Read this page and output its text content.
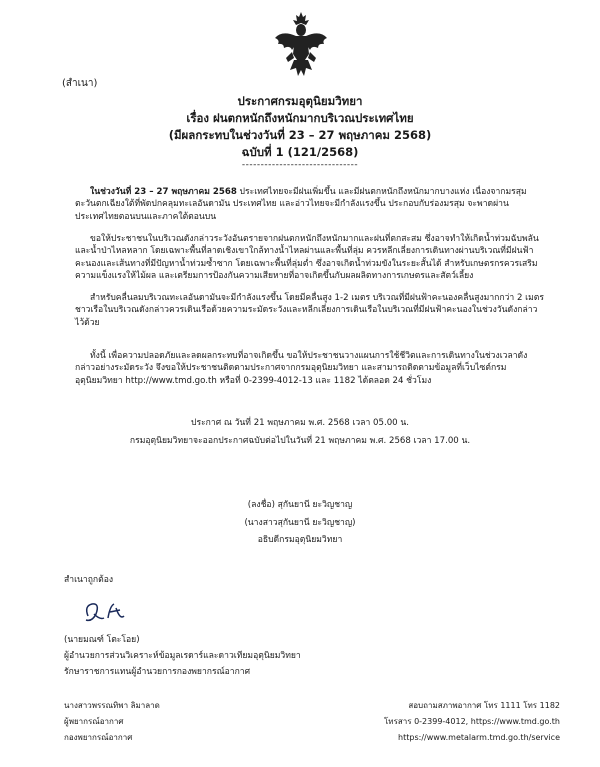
(สำเนา)
ประกาศกรมอุตุนิยมวิทยา
เรื่อง ฝนตกหนักถึงหนักมากบริเวณประเทศไทย
(มีผลกระทบในช่วงวันที่ 23 – 27 พฤษภาคม 2568)
ฉบับที่ 1 (121/2568)
-------------------------------
ในช่วงวันที่ 23 – 27 พฤษภาคม 2568 ประเทศไทยจะมีฝนเพิ่มขึ้น และมีฝนตกหนักถึงหนักมากบางแห่ง เนื่องจากมรสุมตะวันตกเฉียงใต้ที่พัดปกคลุมทะเลอันดามัน ประเทศไทย และอ่าวไทยจะมีกำลังแรงขึ้น ประกอบกับร่องมรสุม จะพาดผ่านประเทศไทยตอนบนและภาคใต้ตอนบน
ขอให้ประชาชนในบริเวณดังกล่าวระวังอันตรายจากฝนตกหนักถึงหนักมากและฝนที่ตกสะสม ซึ่งอาจทำให้เกิดน้ำท่วมฉับพลันและน้ำป่าไหลหลาก โดยเฉพาะพื้นที่ลาดเชิงเขาใกล้ทางน้ำไหลผ่านและพื้นที่ลุ่ม ควรหลีกเลี่ยงการเดินทางผ่านบริเวณที่มีฝนฟ้าคะนองและเส้นทางที่มีปัญหาน้ำท่วมซ้ำซาก โดยเฉพาะพื้นที่ลุ่มต่ำ ซึ่งอาจเกิดน้ำท่วมขังในระยะสั้นได้ สำหรับเกษตรกรควรเสริมความแข็งแรงให้ไม้ผล และเตรียมการป้องกันความเสียหายที่อาจเกิดขึ้นกับผลผลิตทางการเกษตรและสัตว์เลี้ยง
สำหรับคลื่นลมบริเวณทะเลอันดามันจะมีกำลังแรงขึ้น โดยมีคลื่นสูง 1-2 เมตร บริเวณที่มีฝนฟ้าคะนองคลื่นสูงมากกว่า 2 เมตร ชาวเรือในบริเวณดังกล่าวควรเดินเรือด้วยความระมัดระวังและหลีกเลี่ยงการเดินเรือในบริเวณที่มีฝนฟ้าคะนองในช่วงวันดังกล่าวไว้ด้วย
ทั้งนี้ เพื่อความปลอดภัยและลดผลกระทบที่อาจเกิดขึ้น ขอให้ประชาชนวางแผนการใช้ชีวิตและการเดินทางในช่วงเวลาดังกล่าวอย่างระมัดระวัง จึงขอให้ประชาชนติดตามประกาศจากกรมอุตุนิยมวิทยา และสามารถติดตามข้อมูลที่เว็บไซต์กรมอุตุนิยมวิทยา http://www.tmd.go.th หรือที่ 0-2399-4012-13 และ 1182 ได้ตลอด 24 ชั่วโมง
ประกาศ ณ วันที่ 21 พฤษภาคม พ.ศ. 2568 เวลา 05.00 น.
กรมอุตุนิยมวิทยาจะออกประกาศฉบับต่อไปในวันที่ 21 พฤษภาคม พ.ศ. 2568 เวลา 17.00 น.
(ลงชื่อ) สุกันยานี ยะวิญชาญ
(นางสาวสุกันยานี ยะวิญชาญ)
อธิบดีกรมอุตุนิยมวิทยา
สำเนาถูกต้อง
(นายมณฑ์ โตะโอย)
ผู้อำนวยการส่วนวิเคราะห์ข้อมูลเรดาร์และดาวเทียมอุตุนิยมวิทยา
รักษาราชการแทนผู้อำนวยการกองพยากรณ์อากาศ
นางสาวพรรณทิพา ลิมาลาด
ผู้พยากรณ์อากาศ
กองพยากรณ์อากาศ
สอบถามสภาพอากาศ โทร 1111 โทร 1182
โทรสาร 0-2399-4012, https://www.tmd.go.th
https://www.metalarm.tmd.go.th/service
